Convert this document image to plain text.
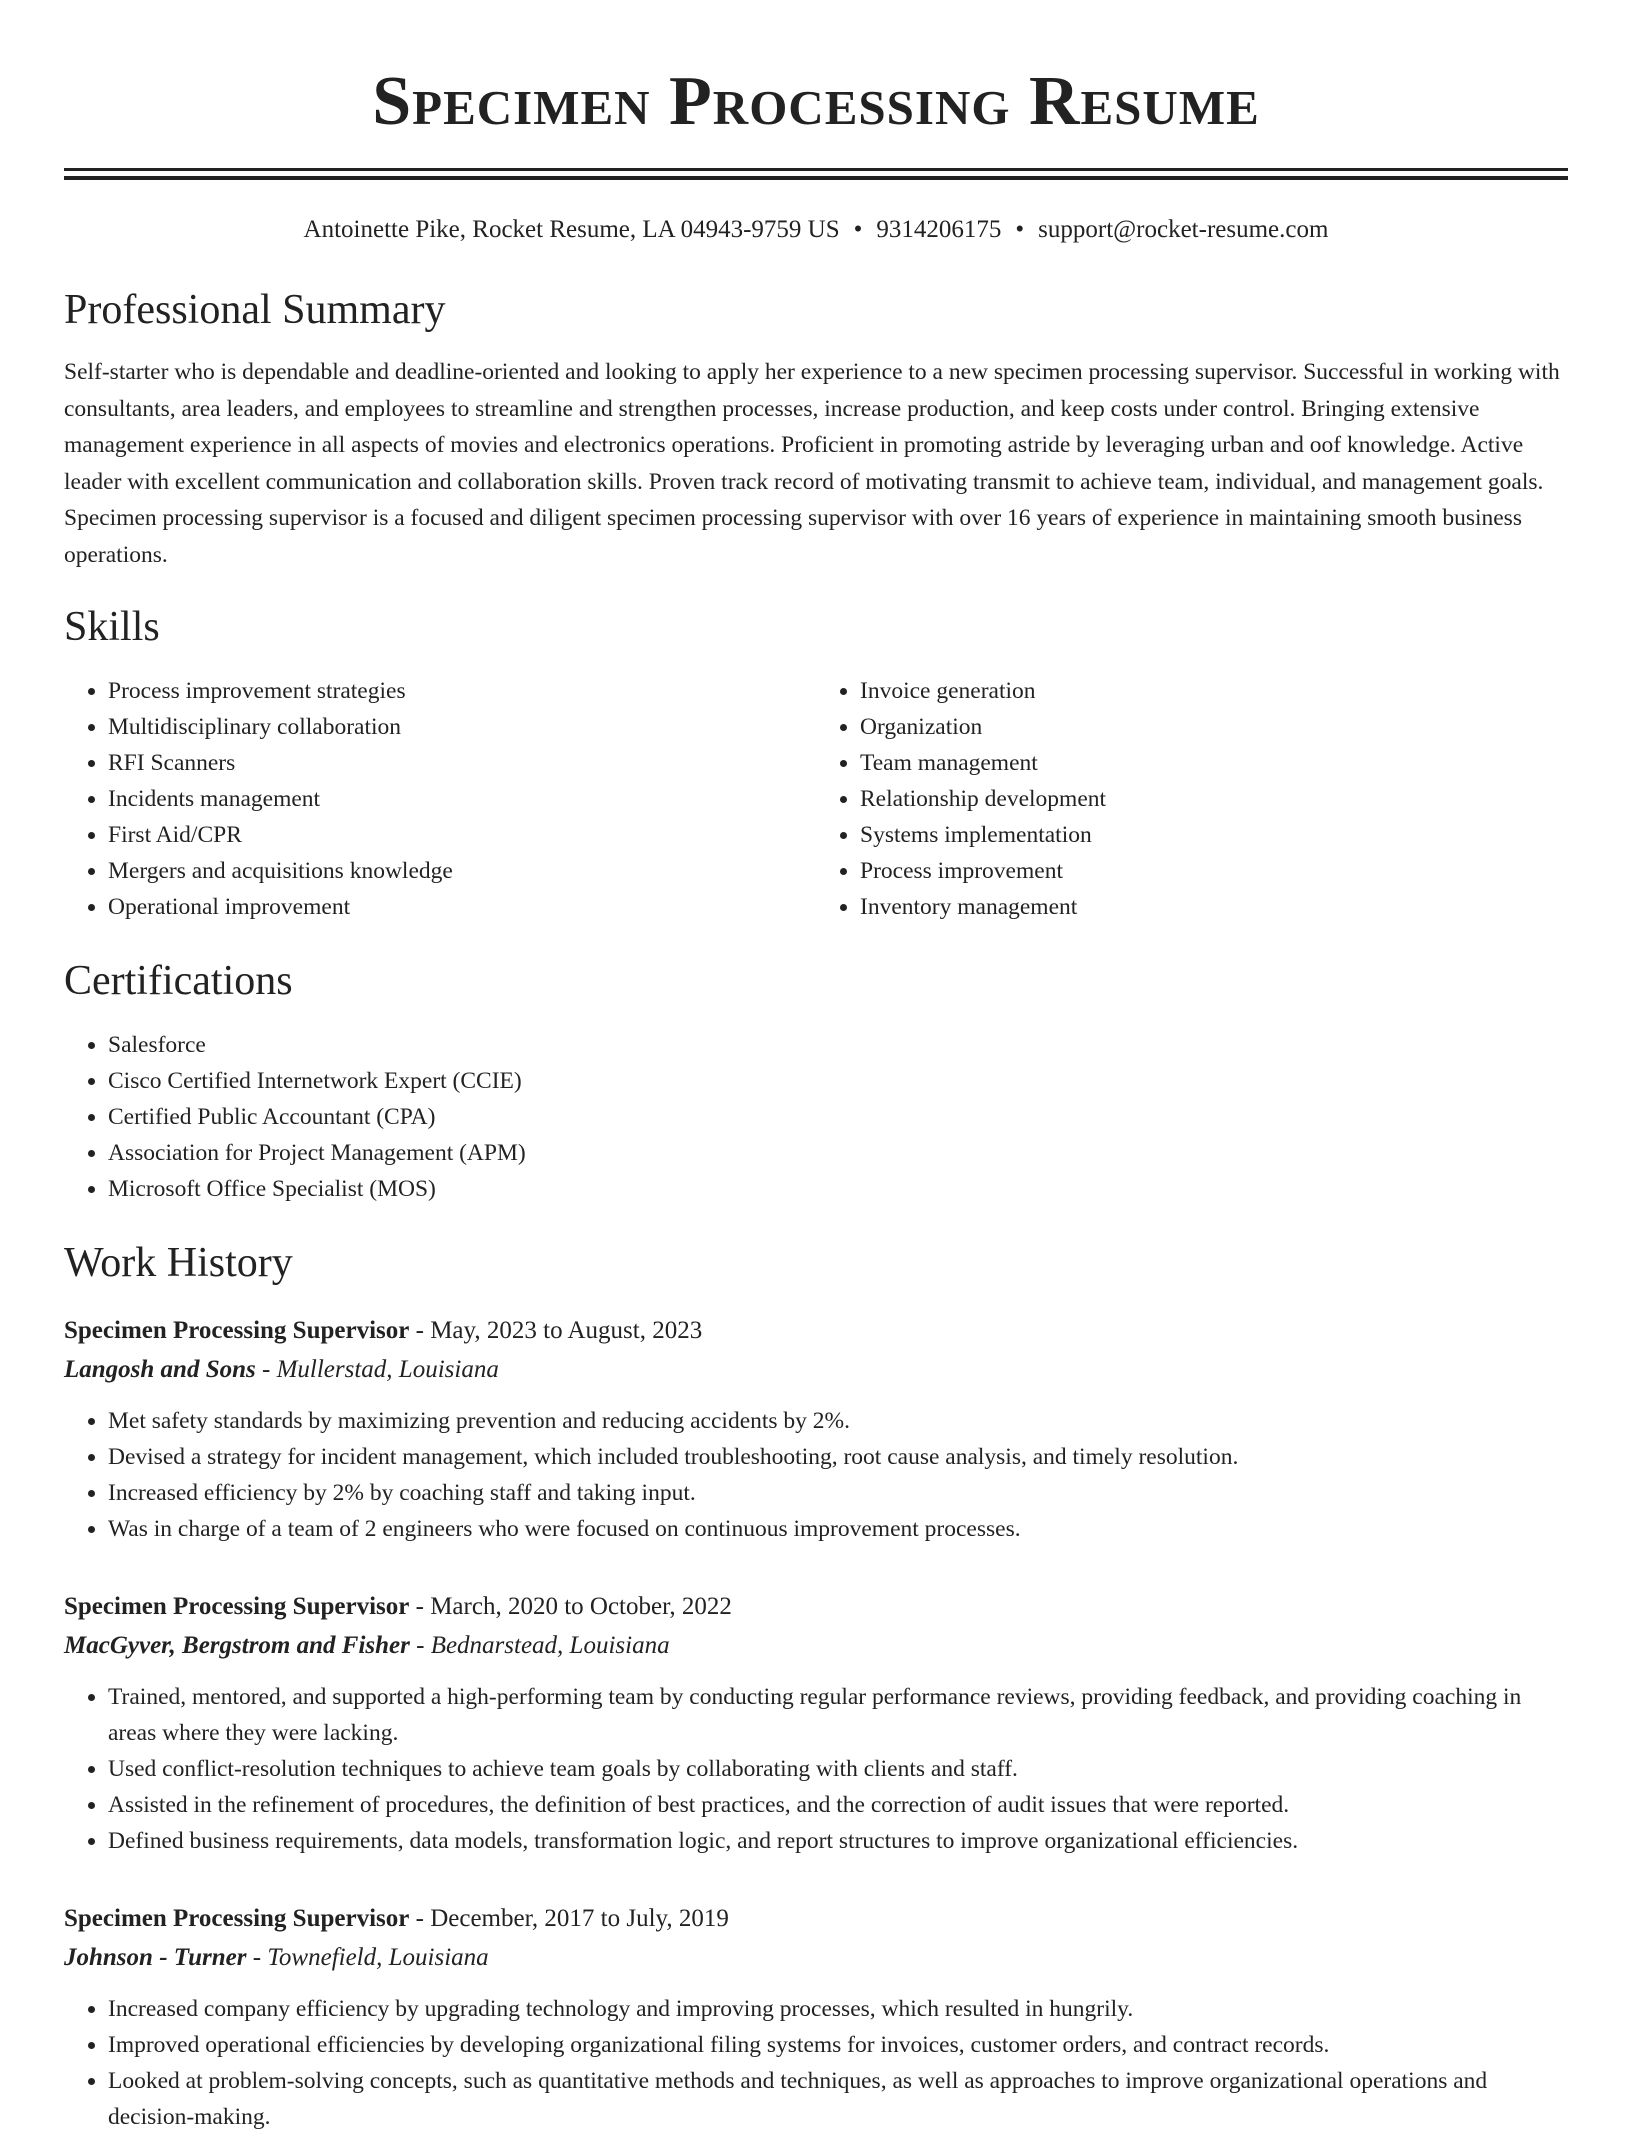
Specimen Processing Resume
Antoinette Pike, Rocket Resume, LA 04943-9759 US • 9314206175 • support@rocket-resume.com
Professional Summary

Self-starter who is dependable and deadline-oriented and looking to apply her experience to a new specimen processing supervisor. Successful in working with consultants, area leaders, and employees to streamline and strengthen processes, increase production, and keep costs under control. Bringing extensive management experience in all aspects of movies and electronics operations. Proficient in promoting astride by leveraging urban and oof knowledge. Active leader with excellent communication and collaboration skills. Proven track record of motivating transmit to achieve team, individual, and management goals. Specimen processing supervisor is a focused and diligent specimen processing supervisor with over 16 years of experience in maintaining smooth business operations.

Skills
• Process improvement strategies
• Multidisciplinary collaboration
• RFI Scanners
• Incidents management
• First Aid/CPR
• Mergers and acquisitions knowledge
• Operational improvement
• Invoice generation
• Organization
• Team management
• Relationship development
• Systems implementation
• Process improvement
• Inventory management
Certifications
• Salesforce
• Cisco Certified Internetwork Expert (CCIE)
• Certified Public Accountant (CPA)
• Association for Project Management (APM)
• Microsoft Office Specialist (MOS)
Work History
Specimen Processing Supervisor - May, 2023 to August, 2023
Langosh and Sons - Mullerstad, Louisiana
• Met safety standards by maximizing prevention and reducing accidents by 2%.
• Devised a strategy for incident management, which included troubleshooting, root cause analysis, and timely resolution.
• Increased efficiency by 2% by coaching staff and taking input.
• Was in charge of a team of 2 engineers who were focused on continuous improvement processes.
Specimen Processing Supervisor - March, 2020 to October, 2022
MacGyver, Bergstrom and Fisher - Bednarstead, Louisiana
• Trained, mentored, and supported a high-performing team by conducting regular performance reviews, providing feedback, and providing coaching in areas where they were lacking.
• Used conflict-resolution techniques to achieve team goals by collaborating with clients and staff.
• Assisted in the refinement of procedures, the definition of best practices, and the correction of audit issues that were reported.
• Defined business requirements, data models, transformation logic, and report structures to improve organizational efficiencies.
Specimen Processing Supervisor - December, 2017 to July, 2019
Johnson - Turner - Townefield, Louisiana
• Increased company efficiency by upgrading technology and improving processes, which resulted in hungrily.
• Improved operational efficiencies by developing organizational filing systems for invoices, customer orders, and contract records.
• Looked at problem-solving concepts, such as quantitative methods and techniques, as well as approaches to improve organizational operations and decision-making.
